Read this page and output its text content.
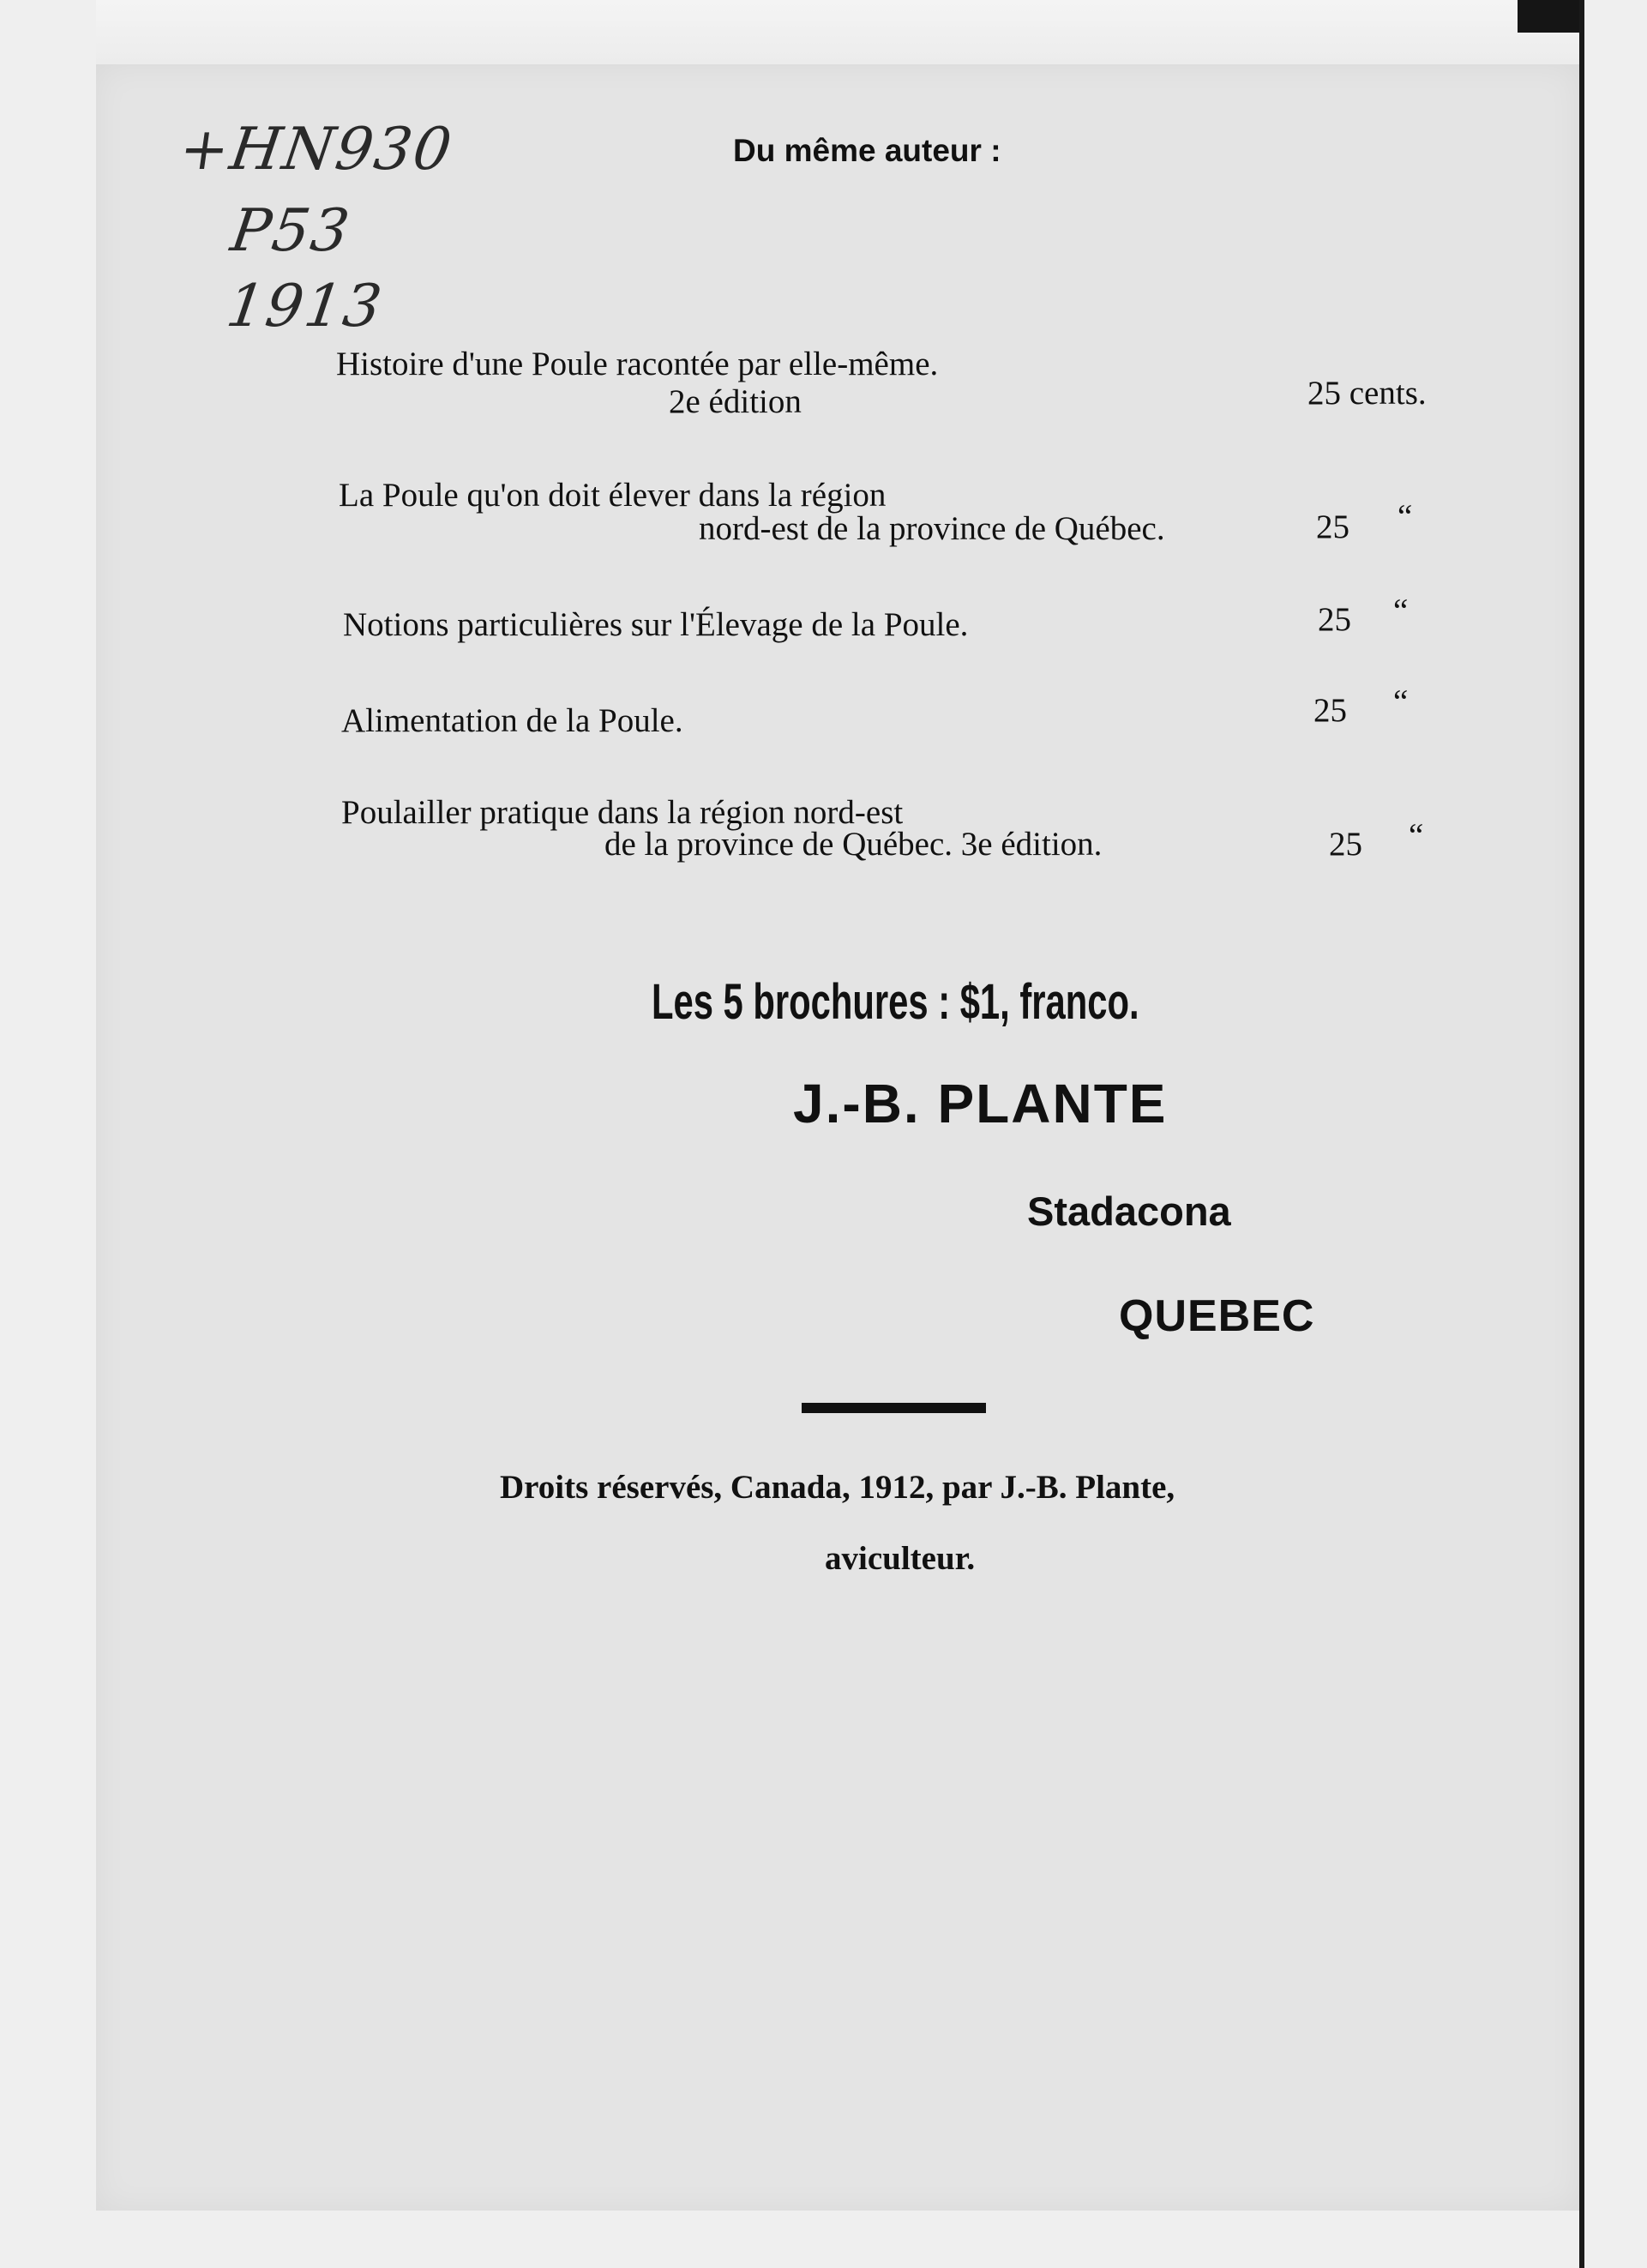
+HN930
P53
1913
Du même auteur :
Histoire d'une Poule racontée par elle-même.
2e édition	25 cents.
La Poule qu'on doit élever dans la région
nord-est de la province de Québec.	25 “
Notions particulières sur l'Élevage de la Poule.	25 “
Alimentation de la Poule.	25 “
Poulailler pratique dans la région nord-est
de la province de Québec. 3e édition.	25 “
Les 5 brochures : $1, franco.
J.-B. PLANTE
Stadacona
QUEBEC
Droits réservés, Canada, 1912, par J.-B. Plante,
aviculteur.
